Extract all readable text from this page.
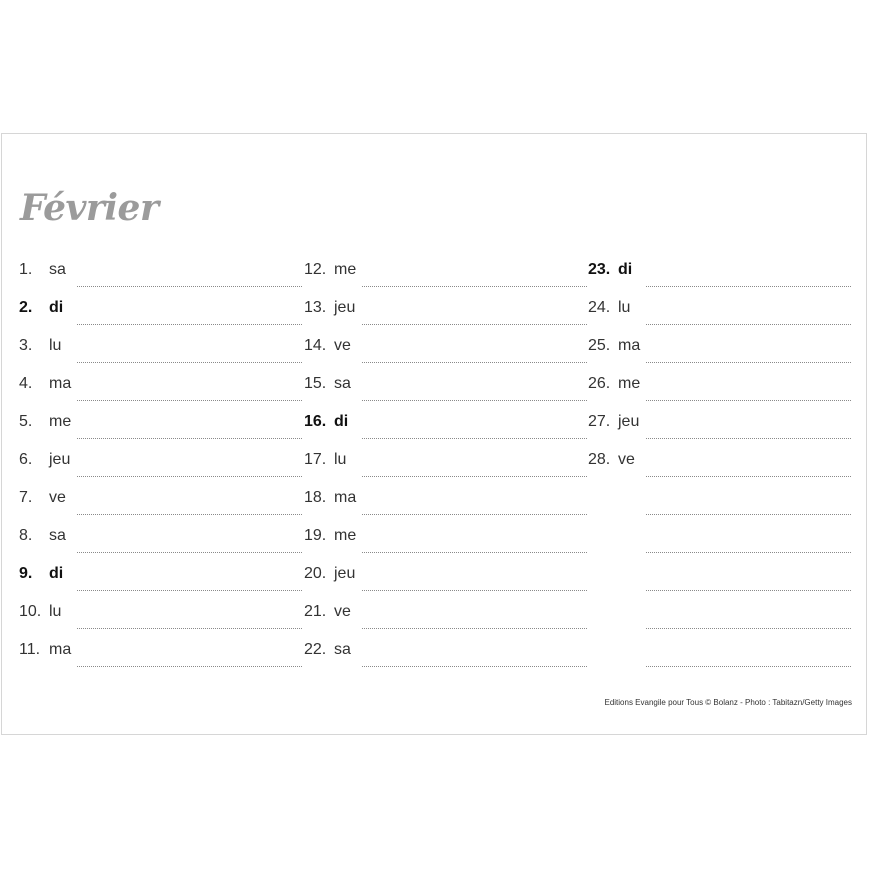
Février
1. sa
2. di
3. lu
4. ma
5. me
6. jeu
7. ve
8. sa
9. di
10. lu
11. ma
12. me
13. jeu
14. ve
15. sa
16. di
17. lu
18. ma
19. me
20. jeu
21. ve
22. sa
23. di
24. lu
25. ma
26. me
27. jeu
28. ve
Editions Evangile pour Tous © Bolanz - Photo : Tabitazn/Getty Images
